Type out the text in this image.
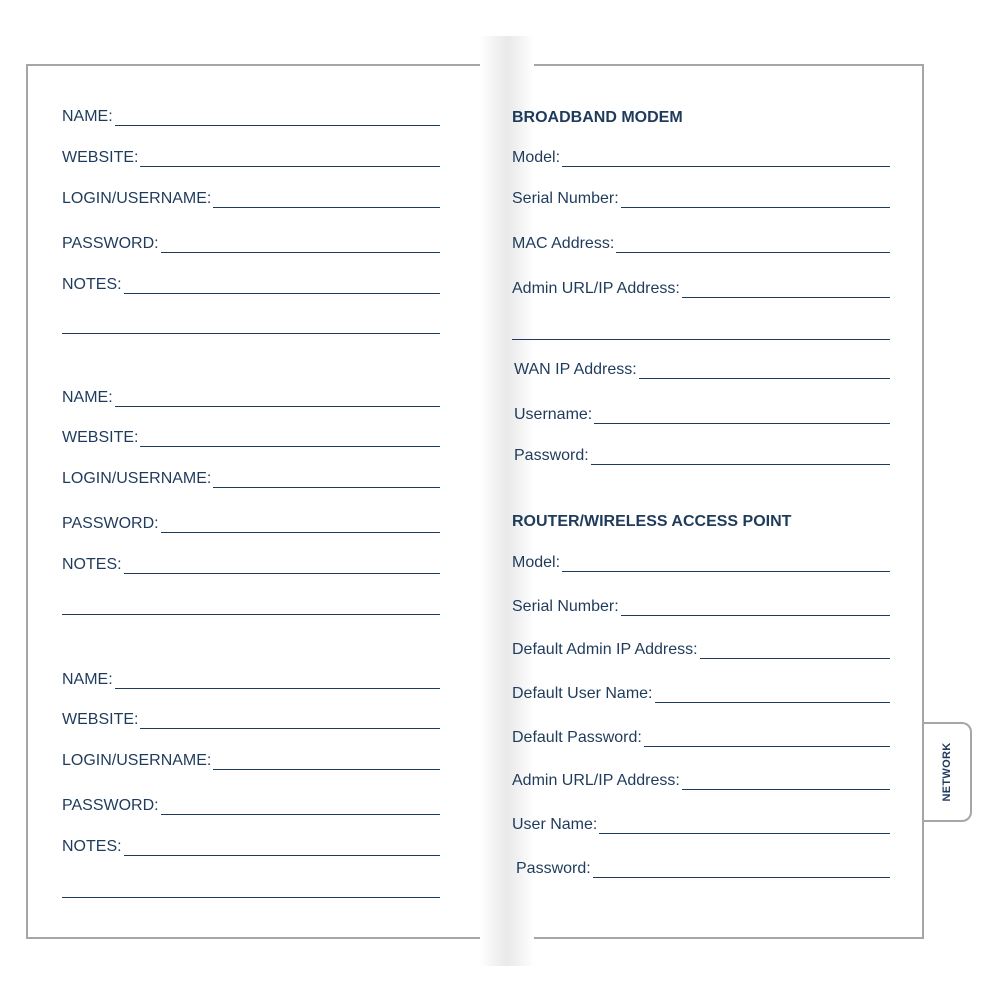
NETWORK
NAME:
WEBSITE:
LOGIN/USERNAME:
PASSWORD:
NOTES:
NAME:
WEBSITE:
LOGIN/USERNAME:
PASSWORD:
NOTES:
NAME:
WEBSITE:
LOGIN/USERNAME:
PASSWORD:
NOTES:
BROADBAND MODEM
Model:
Serial Number:
MAC Address:
Admin URL/IP Address:
WAN IP Address:
Username:
Password:
ROUTER/WIRELESS ACCESS POINT
Model:
Serial Number:
Default Admin IP Address:
Default User Name:
Default Password:
Admin URL/IP Address:
User Name:
Password:
